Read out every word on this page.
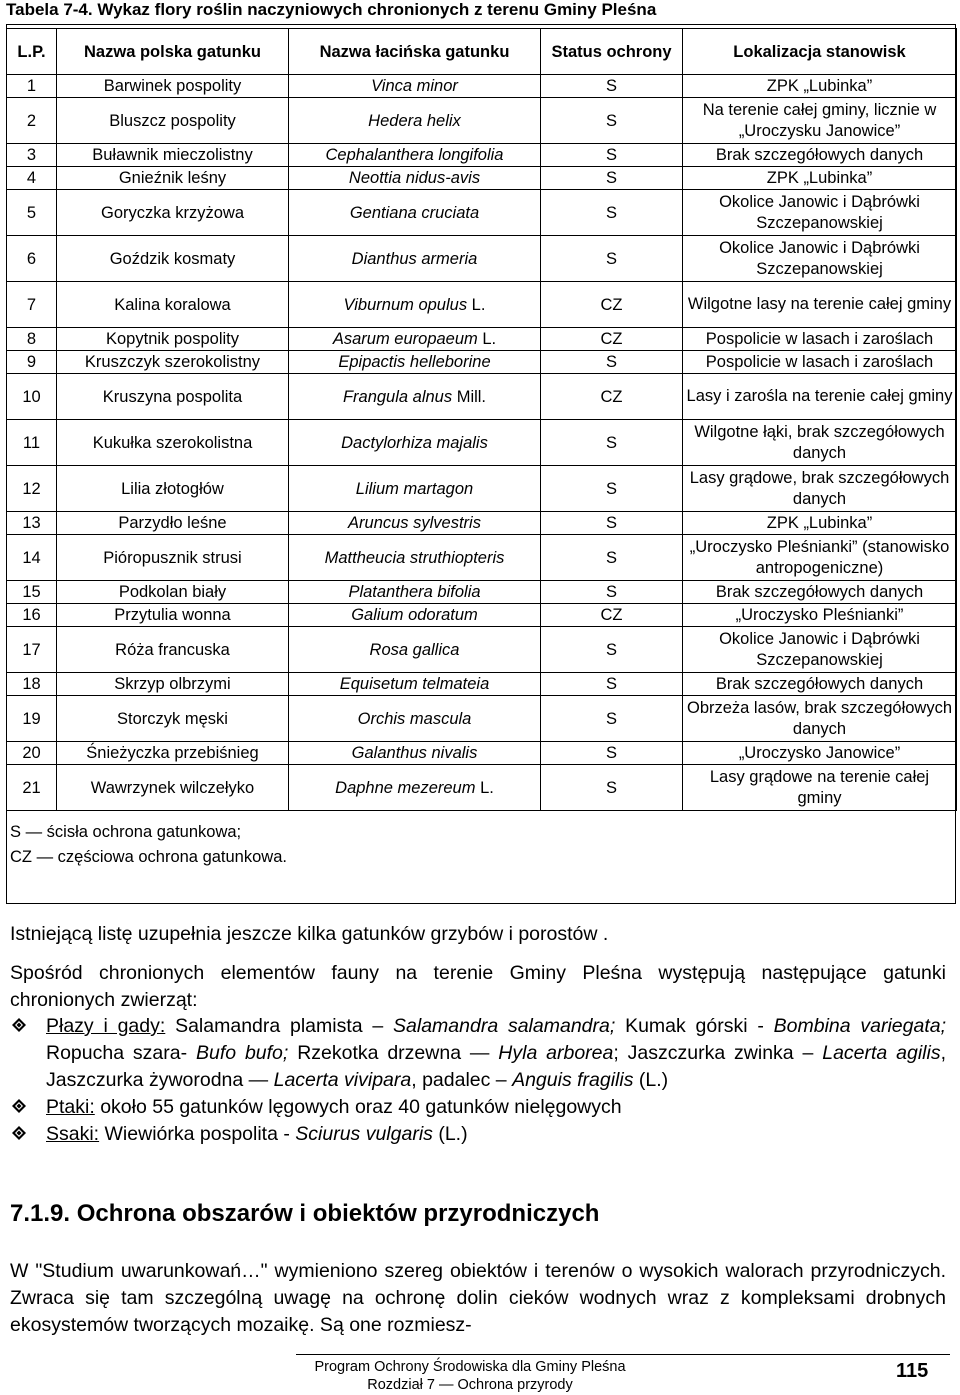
Tabela 7-4. Wykaz flory roślin naczyniowych chronionych z terenu Gminy Pleśna
L.P.	Nazwa polska gatunku	Nazwa łacińska gatunku	Status ochrony	Lokalizacja stanowisk
1	Barwinek pospolity	Vinca minor	S	ZPK „Lubinka”
2	Bluszcz pospolity	Hedera helix	S	Na terenie całej gminy, licznie w „Uroczysku Janowice”
3	Buławnik mieczolistny	Cephalanthera longifolia	S	Brak szczegółowych danych
4	Gnieźnik leśny	Neottia nidus-avis	S	ZPK „Lubinka”
5	Goryczka krzyżowa	Gentiana cruciata	S	Okolice Janowic i Dąbrówki Szczepanowskiej
6	Goździk kosmaty	Dianthus armeria	S	Okolice Janowic i Dąbrówki Szczepanowskiej
7	Kalina koralowa	Viburnum opulus L.	CZ	Wilgotne lasy na terenie całej gminy
8	Kopytnik pospolity	Asarum europaeum L.	CZ	Pospolicie w lasach i zaroślach
9	Kruszczyk szerokolistny	Epipactis helleborine	S	Pospolicie w lasach i zaroślach
10	Kruszyna pospolita	Frangula alnus Mill.	CZ	Lasy i zarośla na terenie całej gminy
11	Kukułka szerokolistna	Dactylorhiza majalis	S	Wilgotne łąki, brak szczegółowych danych
12	Lilia złotogłów	Lilium martagon	S	Lasy grądowe, brak szczegółowych danych
13	Parzydło leśne	Aruncus sylvestris	S	ZPK „Lubinka”
14	Pióropusznik strusi	Mattheucia struthiopteris	S	„Uroczysko Pleśnianki” (stanowisko antropogeniczne)
15	Podkolan biały	Platanthera bifolia	S	Brak szczegółowych danych
16	Przytulia wonna	Galium odoratum	CZ	„Uroczysko Pleśnianki”
17	Róża francuska	Rosa gallica	S	Okolice Janowic i Dąbrówki Szczepanowskiej
18	Skrzyp olbrzymi	Equisetum telmateia	S	Brak szczegółowych danych
19	Storczyk męski	Orchis mascula	S	Obrzeża lasów, brak szczegółowych danych
20	Śnieżyczka przebiśnieg	Galanthus nivalis	S	„Uroczysko Janowice”
21	Wawrzynek wilczełyko	Daphne mezereum L.	S	Lasy grądowe na terenie całej gminy
S — ścisła ochrona gatunkowa;
CZ — częściowa ochrona gatunkowa.
Istniejącą listę uzupełnia jeszcze kilka gatunków grzybów i porostów .
Spośród chronionych elementów fauny na terenie Gminy Pleśna występują następujące gatunki chronionych zwierząt:
Płazy i gady: Salamandra plamista – Salamandra salamandra; Kumak górski - Bombina variegata; Ropucha szara- Bufo bufo; Rzekotka drzewna — Hyla arborea; Jaszczurka zwinka – Lacerta agilis, Jaszczurka żyworodna — Lacerta vivipara, padalec – Anguis fragilis (L.)
Ptaki: około 55 gatunków lęgowych oraz 40 gatunków nielęgowych
Ssaki: Wiewiórka pospolita - Sciurus vulgaris (L.)
7.1.9. Ochrona obszarów i obiektów przyrodniczych
W "Studium uwarunkowań…" wymieniono szereg obiektów i terenów o wysokich walorach przyrodniczych. Zwraca się tam szczególną uwagę na ochronę dolin cieków wodnych wraz z kompleksami drobnych ekosystemów tworzących mozaikę. Są one rozmiesz-
Program Ochrony Środowiska dla Gminy Pleśna
Rozdział 7 — Ochrona przyrody
115
